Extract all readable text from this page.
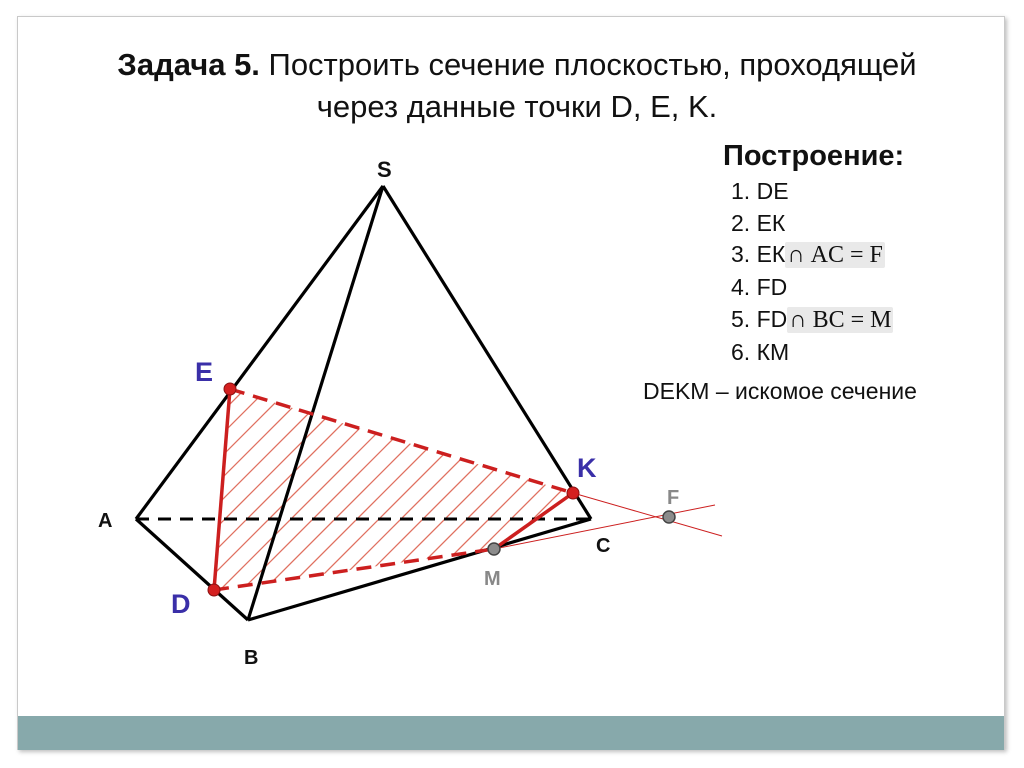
Задача 5. Построить сечение плоскостью, проходящей
через данные точки D, E, K.
Построение:
1. DE
2. ЕК
3. ЕК∩ AC = F
4. FD
5. FD∩ BC = M
6. КМ
DEKM – искомое сечение
S
A
B
C
E
D
K
F
M
